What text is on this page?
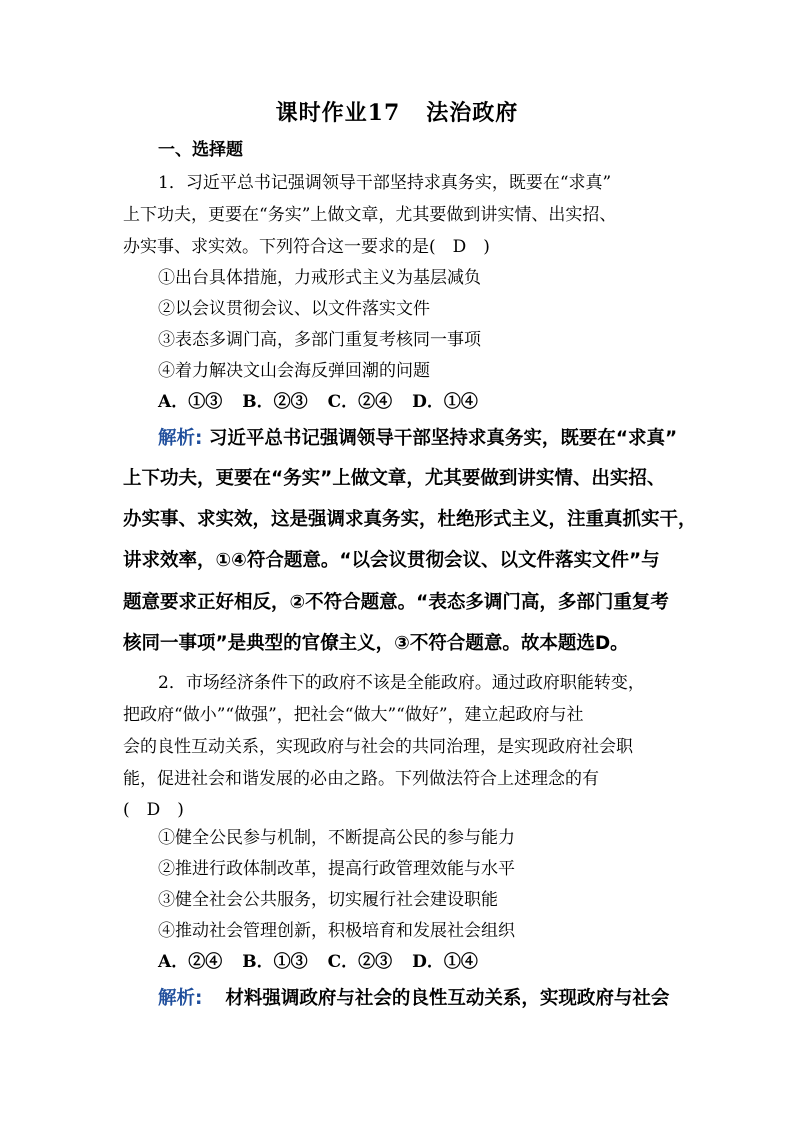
课时作业17 法治政府
一、选择题
1．习近平总书记强调领导干部坚持求真务实，既要在“求真”
上下功夫，更要在“务实”上做文章，尤其要做到讲实情、出实招、
办实事、求实效。下列符合这一要求的是(　D　)
①出台具体措施，力戒形式主义为基层减负
②以会议贯彻会议、以文件落实文件
③表态多调门高，多部门重复考核同一事项
④着力解决文山会海反弹回潮的问题
A．①③ B．②③ C．②④ D．①④
解析: 习近平总书记强调领导干部坚持求真务实，既要在“求真”
上下功夫，更要在“务实”上做文章，尤其要做到讲实情、出实招、
办实事、求实效，这是强调求真务实，杜绝形式主义，注重真抓实干，
讲求效率，①④符合题意。“以会议贯彻会议、以文件落实文件”与
题意要求正好相反，②不符合题意。“表态多调门高，多部门重复考
核同一事项”是典型的官僚主义，③不符合题意。故本题选D。
2．市场经济条件下的政府不该是全能政府。通过政府职能转变，
把政府“做小”“做强”，把社会“做大”“做好”，建立起政府与社
会的良性互动关系，实现政府与社会的共同治理，是实现政府社会职
能，促进社会和谐发展的必由之路。下列做法符合上述理念的有
(　D　)
①健全公民参与机制，不断提高公民的参与能力
②推进行政体制改革，提高行政管理效能与水平
③健全社会公共服务，切实履行社会建设职能
④推动社会管理创新，积极培育和发展社会组织
A．②④ B．①③ C．②③ D．①④
解析: 材料强调政府与社会的良性互动关系，实现政府与社会
